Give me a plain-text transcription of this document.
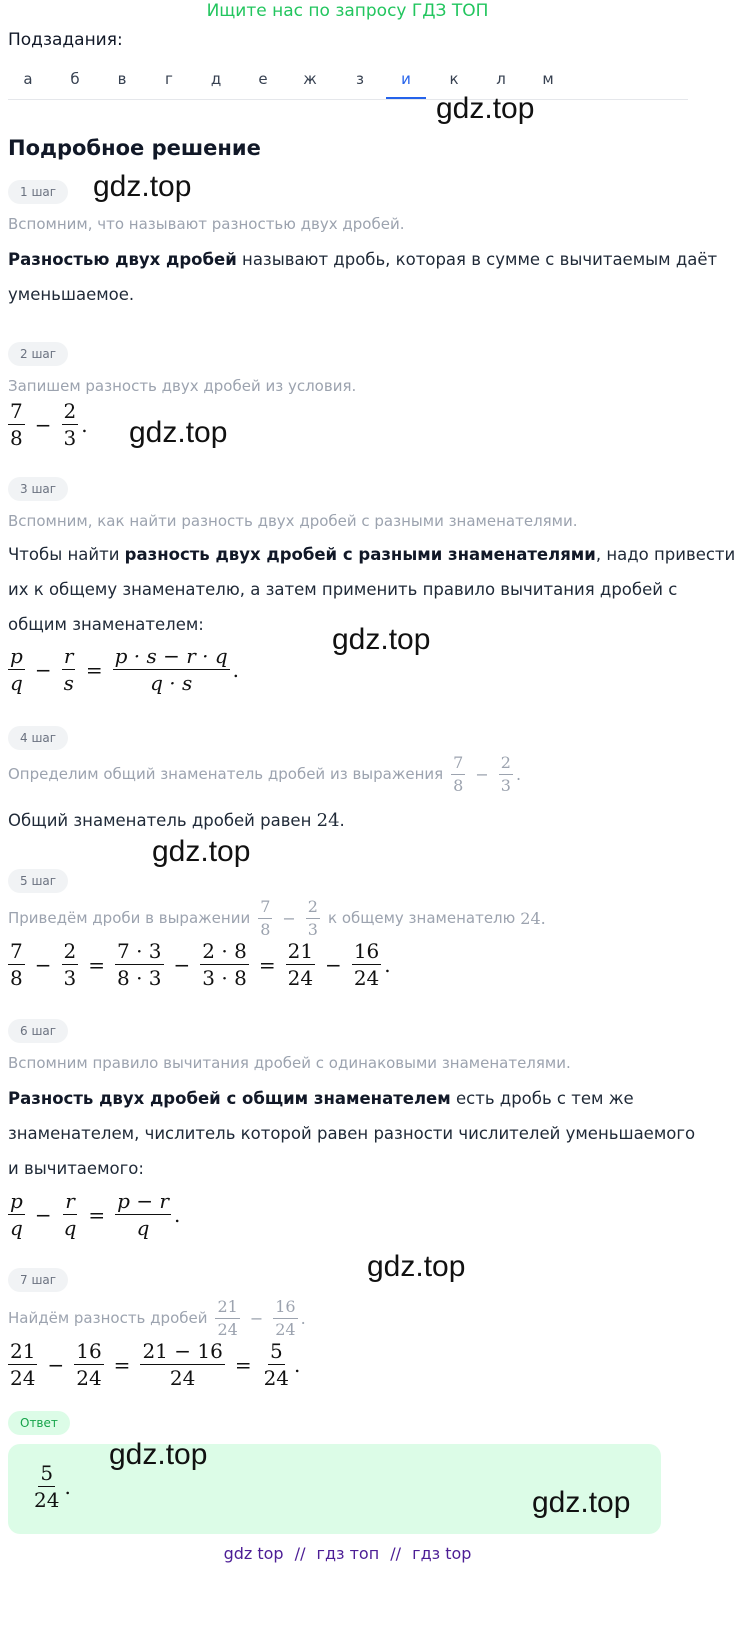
Ищите нас по запросу ГДЗ ТОП
Подзадания:
а	б	в	г	д	е	ж	з	и	к	л	м
gdz.top
gdz.top
gdz.top
gdz.top
gdz.top
gdz.top
gdz.top
gdz.top
Подробное решение
1 шаг
Вспомним, что называют разностью двух дробей.
Разностью двух дробей называют дробь, которая в сумме с вычитаемым даёт
уменьшаемое.
2 шаг
Запишем разность двух дробей из условия.
$\frac{7}{8} - \frac{2}{3}$ .
3 шаг
Вспомним, как найти разность двух дробей с разными знаменателями.
Чтобы найти разность двух дробей с разными знаменателями, надо привести
их к общему знаменателю, а затем применить правило вычитания дробей с
общим знаменателем:
$\frac{p}{q} - \frac{r}{s} = \frac{p \cdot s - r \cdot q}{q \cdot s}$ .
4 шаг
Определим общий знаменатель дробей из выражения $\frac{7}{8} - \frac{2}{3}$ .
Общий знаменатель дробей равен 24.
5 шаг
Приведём дроби в выражении $\frac{7}{8} - \frac{2}{3}$ к общему знаменателю 24 .
$\frac{7}{8} - \frac{2}{3} = \frac{7 \cdot 3}{8 \cdot 3} - \frac{2 \cdot 8}{3 \cdot 8} = \frac{21}{24} - \frac{16}{24}$ .
6 шаг
Вспомним правило вычитания дробей с одинаковыми знаменателями.
Разность двух дробей с общим знаменателем есть дробь с тем же
знаменателем, числитель которой равен разности числителей уменьшаемого
и вычитаемого:
$\frac{p}{q} - \frac{r}{q} = \frac{p - r}{q}$ .
7 шаг
Найдём разность дробей $\frac{21}{24} - \frac{16}{24}$ .
$\frac{21}{24} - \frac{16}{24} = \frac{21 - 16}{24} = \frac{5}{24}$ .
Ответ
$\frac{5}{24}$ .
gdz top // гдз топ // гдз top
